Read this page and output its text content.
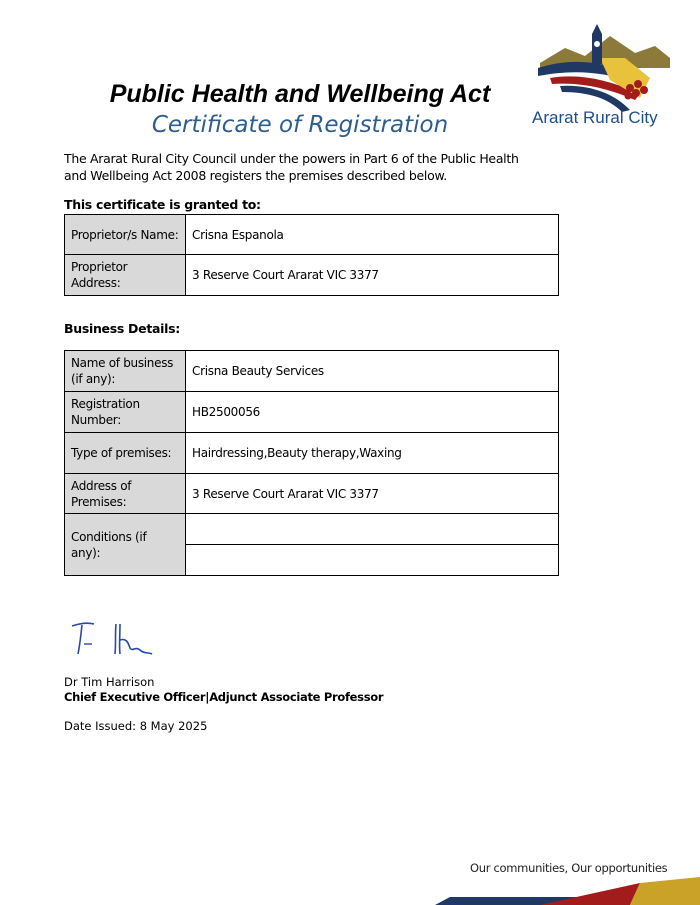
Public Health and Wellbeing Act
Certificate of Registration	Ararat Rural City
The Ararat Rural City Council under the powers in Part 6 of the Public Health and Wellbeing Act 2008 registers the premises described below.
This certificate is granted to:
Proprietor/s Name:	Crisna Espanola
Proprietor Address:	3 Reserve Court Ararat VIC 3377
Business Details:
Name of business (if any):	Crisna Beauty Services
Registration Number:	HB2500056
Type of premises:	Hairdressing,Beauty therapy,Waxing
Address of Premises:	3 Reserve Court Ararat VIC 3377
Conditions (if any):	

Dr Tim Harrison
Chief Executive Officer|Adjunct Associate Professor
Date Issued: 8 May 2025
Our communities, Our opportunities
